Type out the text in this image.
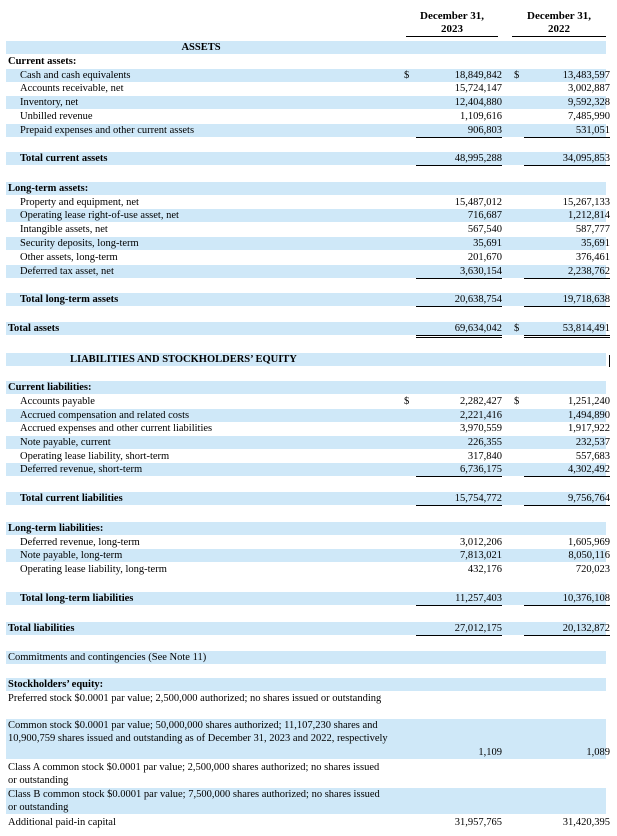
December 31,
2023
December 31,
2022
ASSETS
Current assets:
Cash and cash equivalents	$	18,849,842 $	13,483,597
Accounts receivable, net	15,724,147	3,002,887
Inventory, net	12,404,880	9,592,328
Unbilled revenue	1,109,616	7,485,990
Prepaid expenses and other current assets	906,803	531,051
Total current assets	48,995,288	34,095,853
Long-term assets:
Property and equipment, net	15,487,012	15,267,133
Operating lease right-of-use asset, net	716,687	1,212,814
Intangible assets, net	567,540	587,777
Security deposits, long-term	35,691	35,691
Other assets, long-term	201,670	376,461
Deferred tax asset, net	3,630,154	2,238,762
Total long-term assets	20,638,754	19,718,638
Total assets	69,634,042 $	53,814,491
LIABILITIES AND STOCKHOLDERS’ EQUITY
Current liabilities:
Accounts payable	$	2,282,427 $	1,251,240
Accrued compensation and related costs	2,221,416	1,494,890
Accrued expenses and other current liabilities	3,970,559	1,917,922
Note payable, current	226,355	232,537
Operating lease liability, short-term	317,840	557,683
Deferred revenue, short-term	6,736,175	4,302,492
Total current liabilities	15,754,772	9,756,764
Long-term liabilities:
Deferred revenue, long-term	3,012,206	1,605,969
Note payable, long-term	7,813,021	8,050,116
Operating lease liability, long-term	432,176	720,023
Total long-term liabilities	11,257,403	10,376,108
Total liabilities	27,012,175	20,132,872
Commitments and contingencies (See Note 11)
Stockholders’ equity:
Preferred stock $0.0001 par value; 2,500,000 authorized; no shares issued or outstanding
Common stock $0.0001 par value; 50,000,000 shares authorized; 11,107,230 shares and 10,900,759 shares issued and outstanding as of December 31, 2023 and 2022, respectively
1,109	1,089
Class A common stock $0.0001 par value; 2,500,000 shares authorized; no shares issued or outstanding
Class B common stock $0.0001 par value; 7,500,000 shares authorized; no shares issued or outstanding
Additional paid-in capital	31,957,765	31,420,395
